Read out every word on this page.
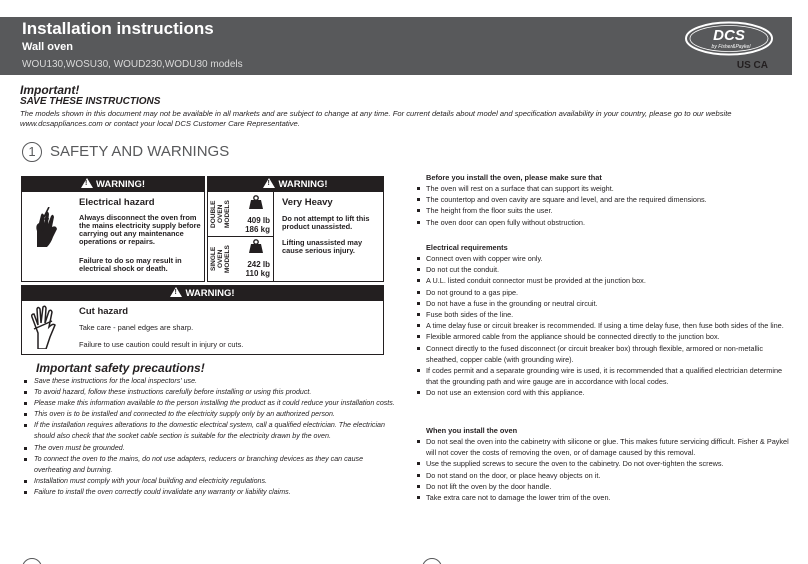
Installation instructions
Wall oven
WOU130,WOSU30, WOUD230,WODU30 models	US CA
DCS
by Fisher&Paykel
Important!
SAVE THESE INSTRUCTIONS
The models shown in this document may not be available in all markets and are subject to change at any time. For current details about model and specification availability in your country, please go to our website www.dcsappliances.com or contact your local DCS Customer Care Representative.
1 SAFETY AND WARNINGS
!WARNING!
Electrical hazard
Always disconnect the oven from the mains electricity supply before carrying out any maintenance operations or repairs.
Failure to do so may result in electrical shock or death.
!WARNING!
DOUBLE OVEN MODELS
SINGLE OVEN MODELS
409 lb
186 kg
242 lb
110 kg
Very Heavy
Do not attempt to lift this product unassisted.
Lifting unassisted may cause serious injury.
!WARNING!
Cut hazard
Take care - panel edges are sharp.
Failure to use caution could result in injury or cuts.
Important safety precautions!
Save these instructions for the local inspectors' use.
To avoid hazard, follow these instructions carefully before installing or using this product.
Please make this information available to the person installing the product as it could reduce your installation costs.
This oven is to be installed and connected to the electricity supply only by an authorized person.
If the installation requires alterations to the domestic electrical system, call a qualified electrician. The electrician should also check that the socket cable section is suitable for the electricity drawn by the oven.
The oven must be grounded.
To connect the oven to the mains, do not use adapters, reducers or branching devices as they can cause overheating and burning.
Installation must comply with your local building and electricity regulations.
Failure to install the oven correctly could invalidate any warranty or liability claims.
Before you install the oven, please make sure that
The oven will rest on a surface that can support its weight.
The countertop and oven cavity are square and level, and are the required dimensions.
The height from the floor suits the user.
The oven door can open fully without obstruction.
Electrical requirements
Connect oven with copper wire only.
Do not cut the conduit.
A U.L. listed conduit connector must be provided at the junction box.
Do not ground to a gas pipe.
Do not have a fuse in the grounding or neutral circuit.
Fuse both sides of the line.
A time delay fuse or circuit breaker is recommended. If using a time delay fuse, then fuse both sides of the line.
Flexible armored cable from the appliance should be connected directly to the junction box.
Connect directly to the fused disconnect (or circuit breaker box) through flexible, armored or non-metallic sheathed, copper cable (with grounding wire).
If codes permit and a separate grounding wire is used, it is recommended that a qualified electrician determine that the grounding path and wire gauge are in accordance with local codes.
Do not use an extension cord with this appliance.
When you install the oven
Do not seal the oven into the cabinetry with silicone or glue. This makes future servicing difficult. Fisher & Paykel will not cover the costs of removing the oven, or of damage caused by this removal.
Use the supplied screws to secure the oven to the cabinetry. Do not over-tighten the screws.
Do not stand on the door, or place heavy objects on it.
Do not lift the oven by the door handle.
Take extra care not to damage the lower trim of the oven.
